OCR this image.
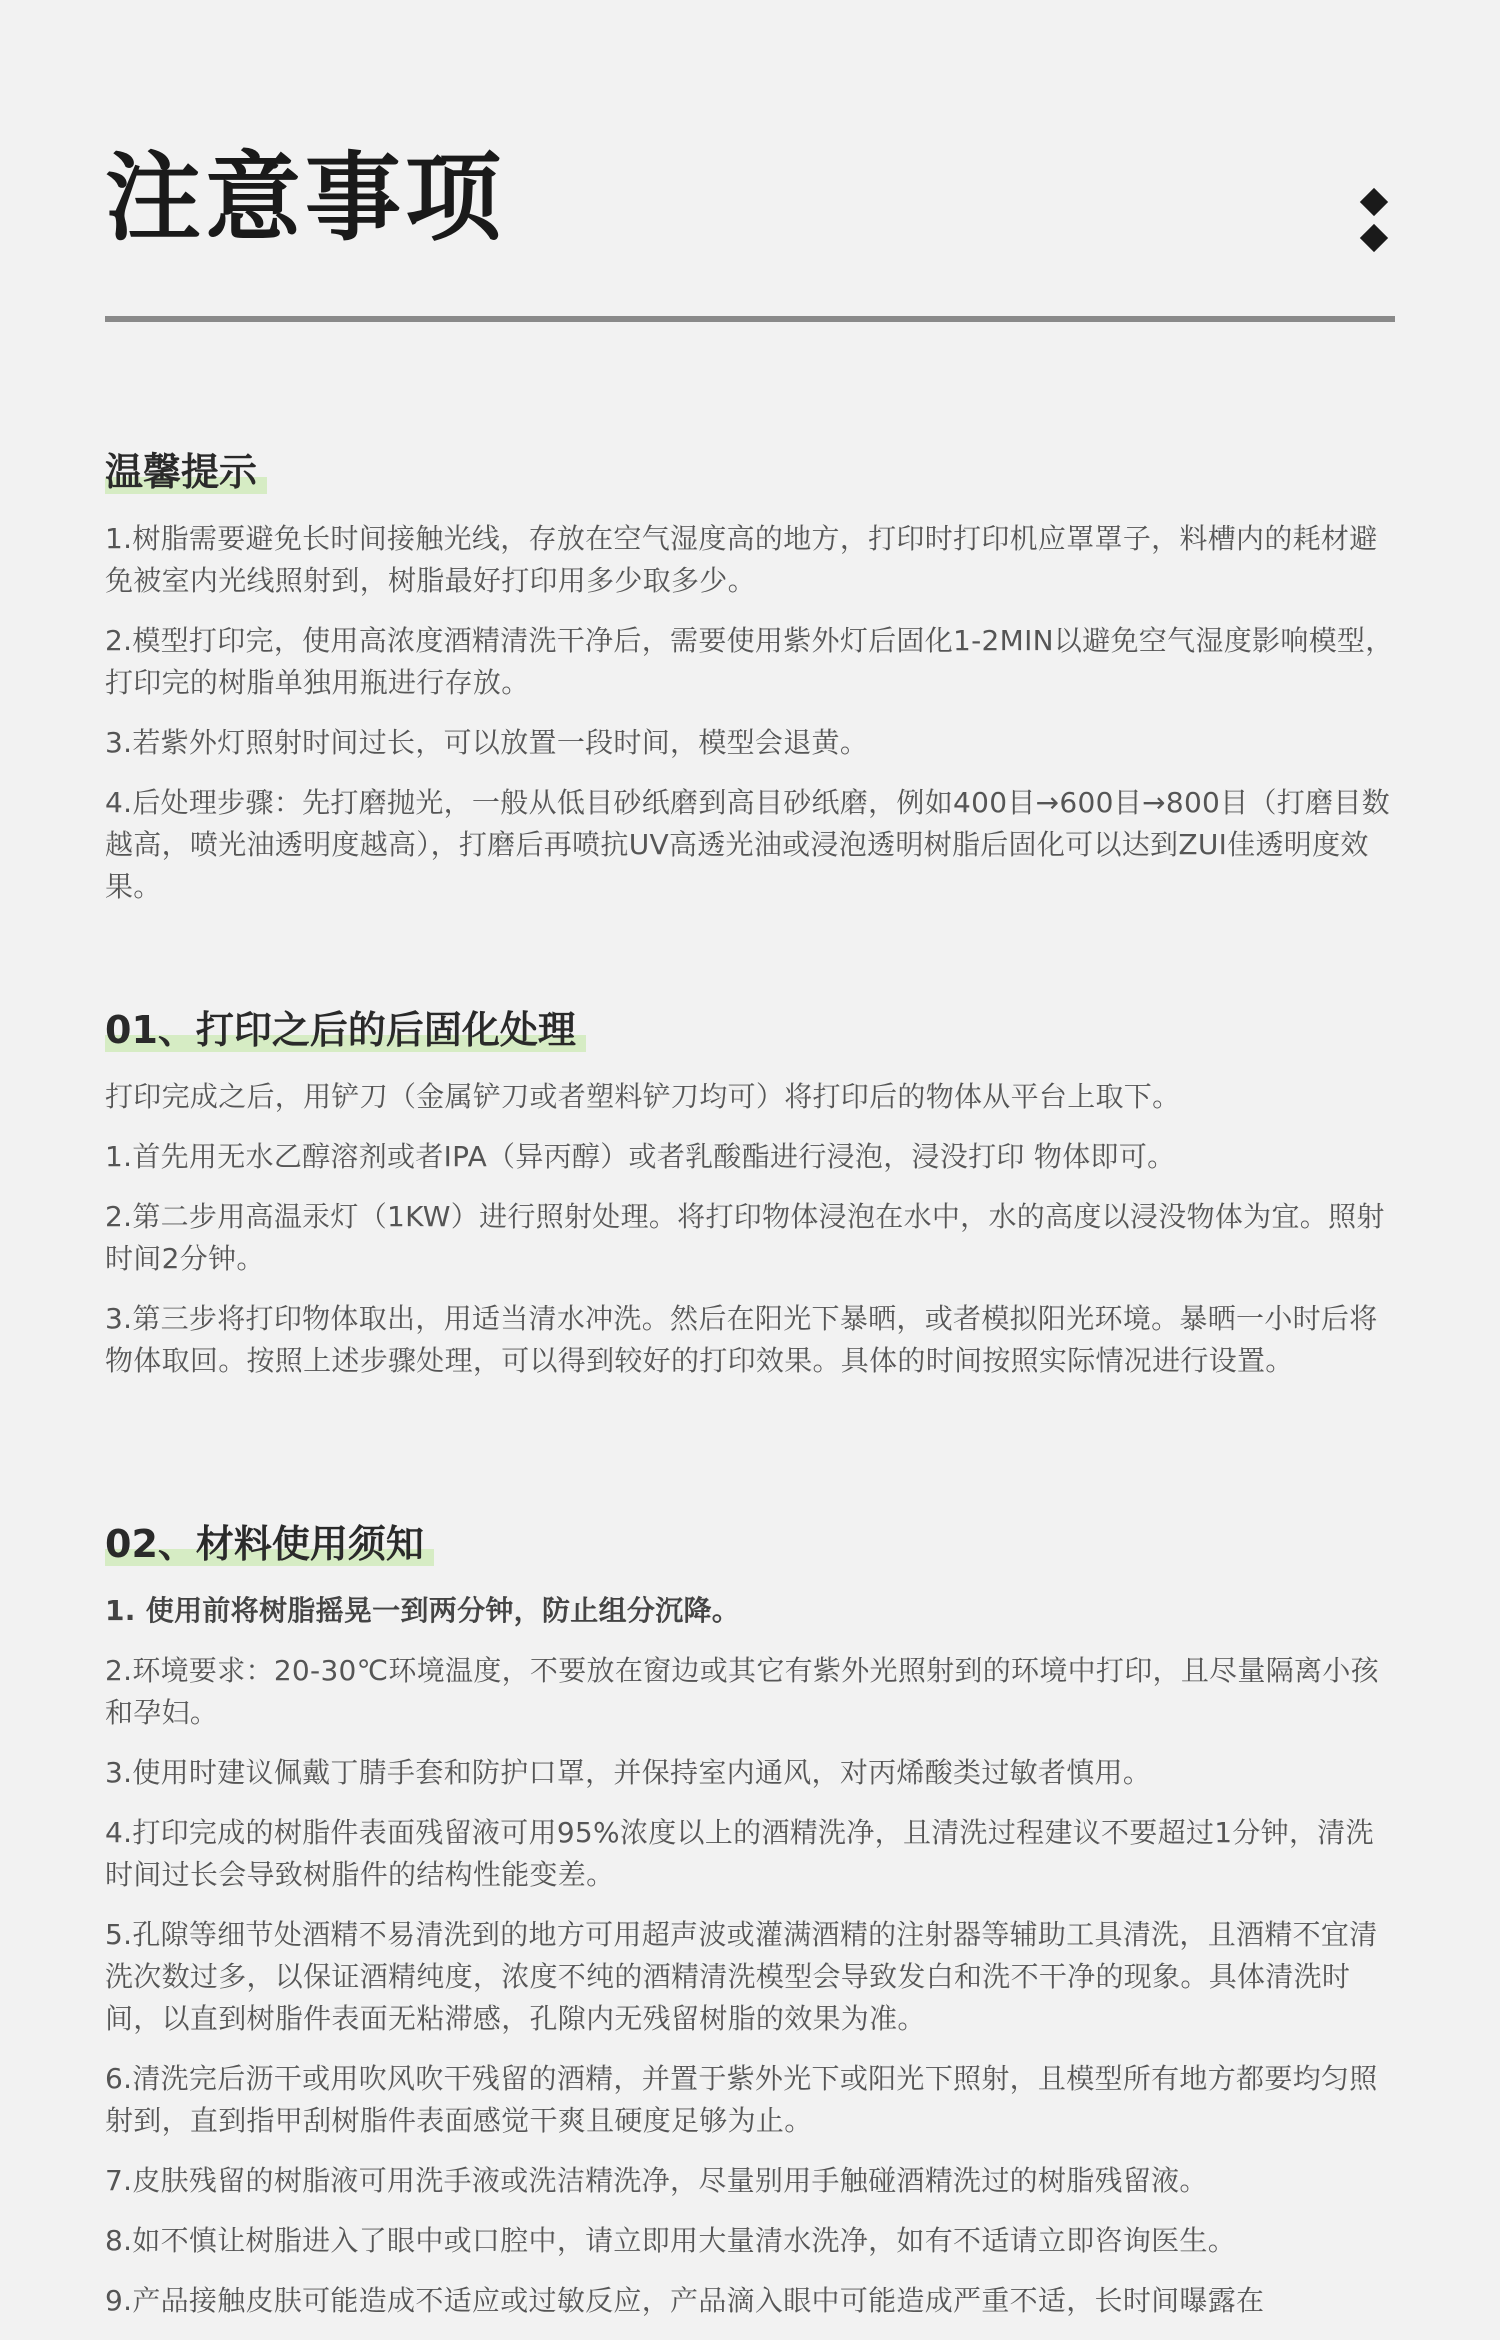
注意事项
温馨提示

1.树脂需要避免长时间接触光线，存放在空气湿度高的地方，打印时打印机应罩罩子，料槽内的耗材避免被室内光线照射到，树脂最好打印用多少取多少。

2.模型打印完，使用高浓度酒精清洗干净后，需要使用紫外灯后固化1-2MIN以避免空气湿度影响模型，打印完的树脂单独用瓶进行存放。

3.若紫外灯照射时间过长，可以放置一段时间，模型会退黄。

4.后处理步骤：先打磨抛光，一般从低目砂纸磨到高目砂纸磨，例如400目→600目→800目（打磨目数越高，喷光油透明度越高），打磨后再喷抗UV高透光油或浸泡透明树脂后固化可以达到ZUI佳透明度效果。

01、打印之后的后固化处理

打印完成之后，用铲刀（金属铲刀或者塑料铲刀均可）将打印后的物体从平台上取下。

1.首先用无水乙醇溶剂或者IPA（异丙醇）或者乳酸酯进行浸泡，浸没打印 物体即可。

2.第二步用高温汞灯（1KW）进行照射处理。将打印物体浸泡在水中，水的高度以浸没物体为宜。照射时间2分钟。

3.第三步将打印物体取出，用适当清水冲洗。然后在阳光下暴晒，或者模拟阳光环境。暴晒一小时后将物体取回。按照上述步骤处理，可以得到较好的打印效果。具体的时间按照实际情况进行设置。

02、材料使用须知

1. 使用前将树脂摇晃一到两分钟，防止组分沉降。

2.环境要求：20-30℃环境温度，不要放在窗边或其它有紫外光照射到的环境中打印，且尽量隔离小孩和孕妇。

3.使用时建议佩戴丁腈手套和防护口罩，并保持室内通风，对丙烯酸类过敏者慎用。

4.打印完成的树脂件表面残留液可用95%浓度以上的酒精洗净，且清洗过程建议不要超过1分钟，清洗时间过长会导致树脂件的结构性能变差。

5.孔隙等细节处酒精不易清洗到的地方可用超声波或灌满酒精的注射器等辅助工具清洗，且酒精不宜清洗次数过多，以保证酒精纯度，浓度不纯的酒精清洗模型会导致发白和洗不干净的现象。具体清洗时间，以直到树脂件表面无粘滞感，孔隙内无残留树脂的效果为准。

6.清洗完后沥干或用吹风吹干残留的酒精，并置于紫外光下或阳光下照射，且模型所有地方都要均匀照射到，直到指甲刮树脂件表面感觉干爽且硬度足够为止。

7.皮肤残留的树脂液可用洗手液或洗洁精洗净，尽量别用手触碰酒精洗过的树脂残留液。

8.如不慎让树脂进入了眼中或口腔中，请立即用大量清水洗净，如有不适请立即咨询医生。

9.产品接触皮肤可能造成不适应或过敏反应，产品滴入眼中可能造成严重不适，长时间曝露在
